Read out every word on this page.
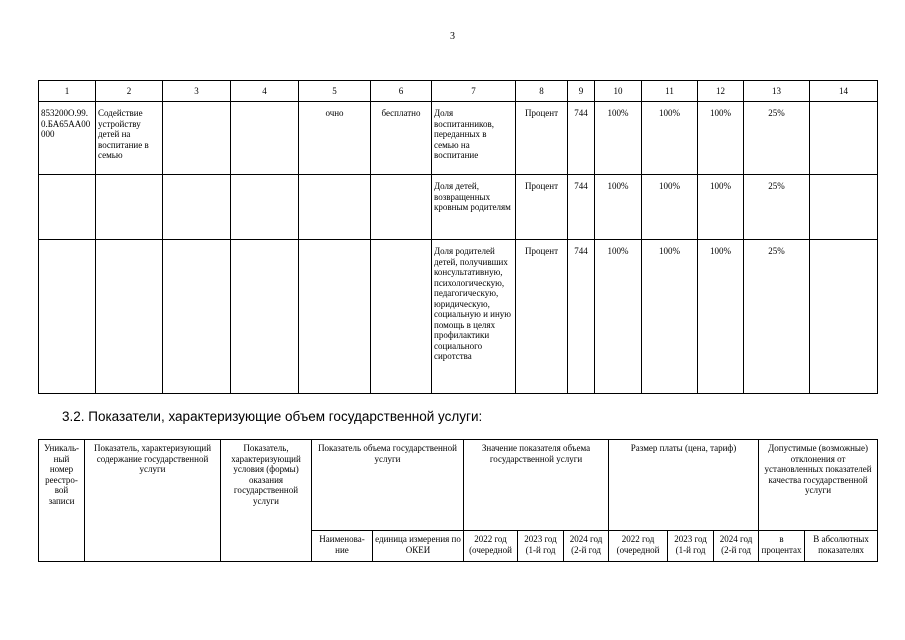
3
1	2	3	4	5	6	7	8	9	10	11	12	13	14
853200О.99.0.БА65АА00000	Содействие устройству детей на воспитание в семью			очно	бесплатно	Доля воспитанников, переданных в семью на воспитание	Процент	744	100%	100%	100%	25%	
						Доля детей, возвращенных кровным родителям	Процент	744	100%	100%	100%	25%	
						Доля родителей детей, получивших консультативную, психологическую, педагогическую, юридическую, социальную и иную помощь в целях профилактики социального сиротства	Процент	744	100%	100%	100%	25%	
3.2. Показатели, характеризующие объем государственной услуги:
Уникаль-ный номер реестро-вой записи	Показатель, характеризующий содержание государственной услуги	Показатель, характеризующий условия (формы) оказания государственной услуги	Показатель объема государственной услуги		Значение показателя объема государственной услуги			Размер платы (цена, тариф)			Допустимые (возможные) отклонения от установленных показателей качества государственной услуги	
			Наименова-ние	единица измерения по ОКЕИ	2022 год (очередной	2023 год (1-й год	2024 год (2-й год	2022 год (очередной	2023 год (1-й год	2024 год (2-й год	в процентах	В абсолютных показателях
